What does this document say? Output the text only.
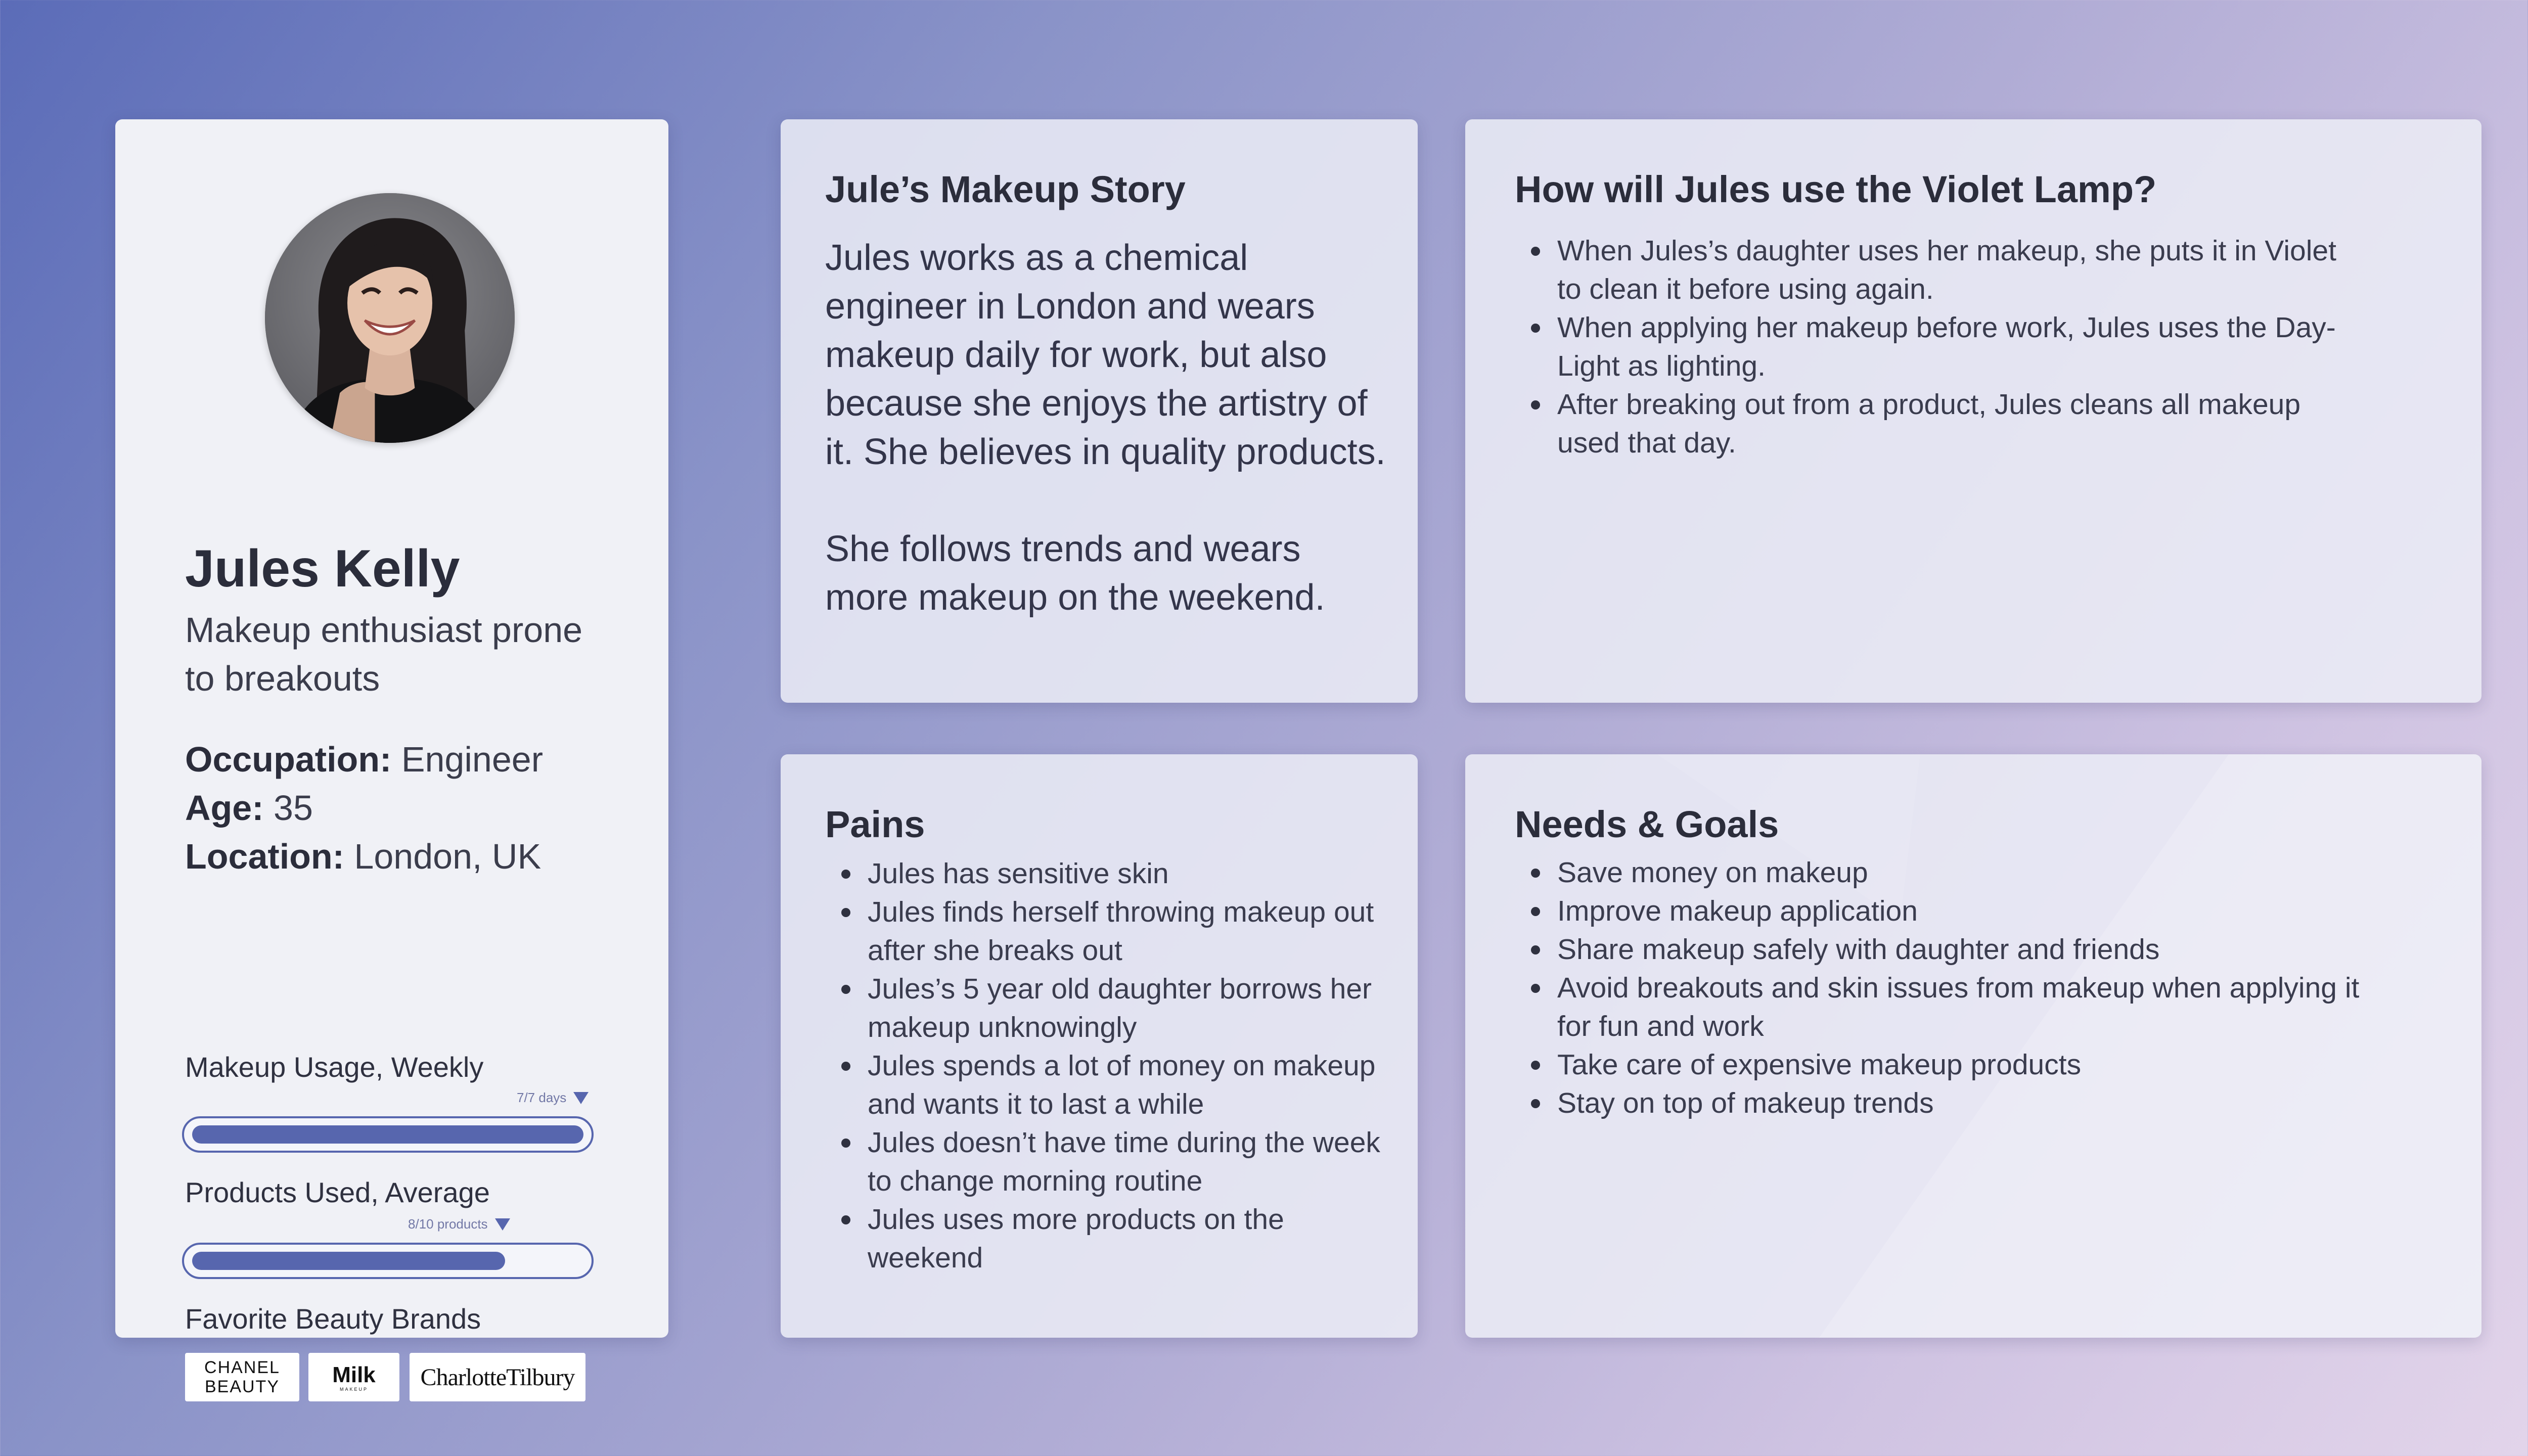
Jules Kelly
Makeup enthusiast prone to breakouts
Occupation: Engineer
Age: 35
Location: London, UK
Makeup Usage, Weekly
7/7 days
Products Used, Average
Favorite Beauty Brands
CHANEL
BEAUTY Milk
MAKEUP CharlotteTilbury
8/10 products
Jule’s Makeup Story

Jules works as a chemical engineer in London and wears makeup daily for work, but also because she enjoys the artistry of it. She believes in quality products.

She follows trends and wears more makeup on the weekend.

How will Jules use the Violet Lamp?
When Jules’s daughter uses her makeup, she puts it in Violet to clean it before using again.
When applying her makeup before work, Jules uses the Day-Light as lighting.
After breaking out from a product, Jules cleans all makeup used that day.
Pains
Jules has sensitive skin
Jules finds herself throwing makeup out after she breaks out
Jules’s 5 year old daughter borrows her makeup unknowingly
Jules spends a lot of money on makeup and wants it to last a while
Jules doesn’t have time during the week to change morning routine
Jules uses more products on the weekend
Needs & Goals
Save money on makeup
Improve makeup application
Share makeup safely with daughter and friends
Avoid breakouts and skin issues from makeup when applying it for fun and work
Take care of expensive makeup products
Stay on top of makeup trends
